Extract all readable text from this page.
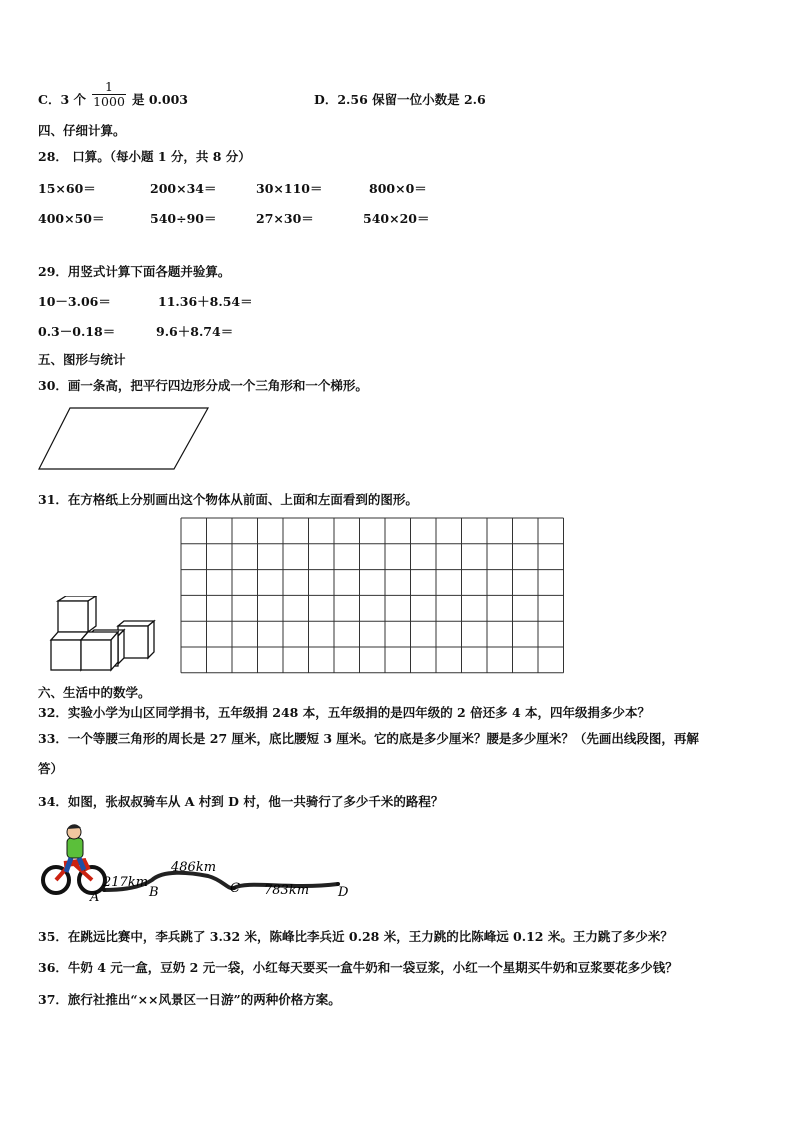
C．3 个
1
1000 是 0.003	D．2.56 保留一位小数是 2.6
四、仔细计算。
28． 口算。（每小题 1 分，共 8 分）
15×60＝	200×34＝	30×110＝	800×0＝
400×50＝	540÷90＝	27×30＝	540×20＝
29．用竖式计算下面各题并验算。
10－3.06＝	11.36＋8.54＝
0.3－0.18＝	9.6＋8.74＝
五、图形与统计
30．画一条高，把平行四边形分成一个三角形和一个梯形。
31．在方格纸上分别画出这个物体从前面、上面和左面看到的图形。
六、生活中的数学。
32．实验小学为山区同学捐书，五年级捐 248 本，五年级捐的是四年级的 2 倍还多 4 本，四年级捐多少本？
33．一个等腰三角形的周长是 27 厘米，底比腰短 3 厘米。它的底是多少厘米？腰是多少厘米？（先画出线段图，再解
答）
34．如图，张叔叔骑车从 A 村到 D 村，他一共骑行了多少千米的路程？
217km
486km
783km
A	B	C	D
35．在跳远比赛中，李兵跳了 3.32 米，陈峰比李兵近 0.28 米，王力跳的比陈峰远 0.12 米。王力跳了多少米？
36．牛奶 4 元一盒，豆奶 2 元一袋，小红每天要买一盒牛奶和一袋豆浆，小红一个星期买牛奶和豆浆要花多少钱？
37．旅行社推出“××风景区一日游”的两种价格方案。
